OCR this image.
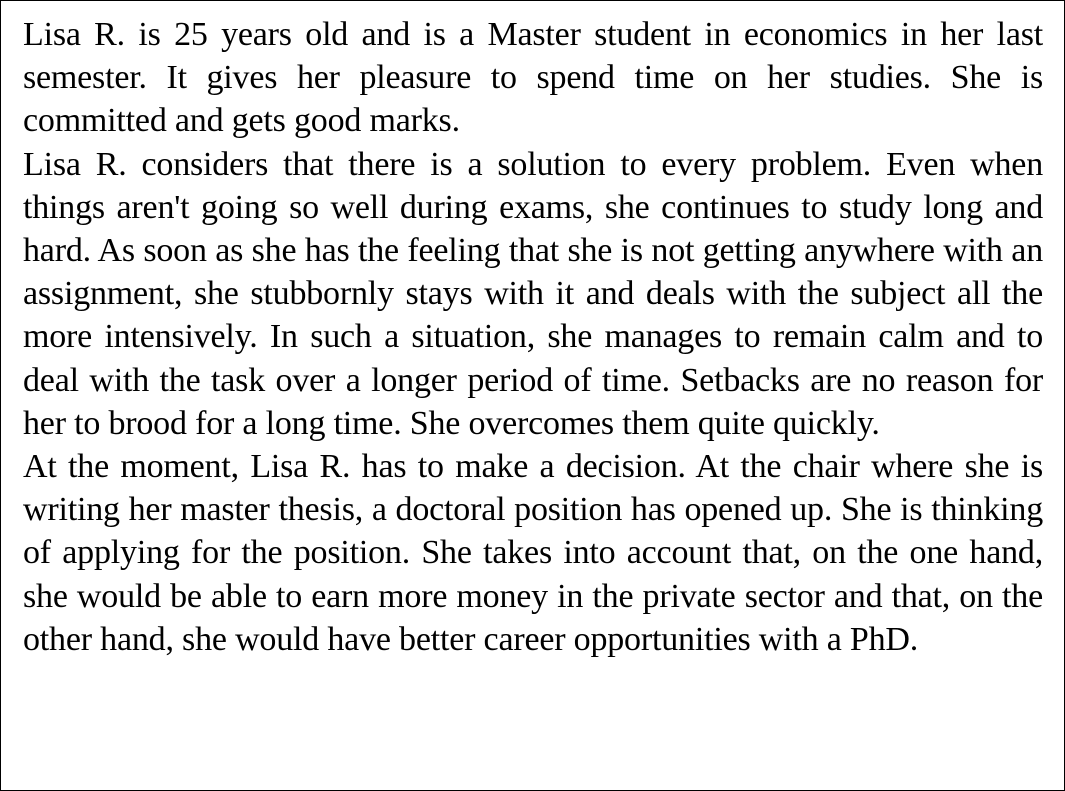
Lisa R. is 25 years old and is a Master student in economics in her last semester. It gives her pleasure to spend time on her studies. She is committed and gets good marks.

Lisa R. considers that there is a solution to every problem. Even when things aren't going so well during exams, she continues to study long and hard. As soon as she has the feeling that she is not getting anywhere with an assignment, she stubbornly stays with it and deals with the subject all the more intensively. In such a situation, she manages to remain calm and to deal with the task over a longer period of time. Setbacks are no reason for her to brood for a long time. She overcomes them quite quickly.

At the moment, Lisa R. has to make a decision. At the chair where she is writing her master thesis, a doctoral position has opened up. She is thinking of applying for the position. She takes into account that, on the one hand, she would be able to earn more money in the private sector and that, on the other hand, she would have better career opportunities with a PhD.
